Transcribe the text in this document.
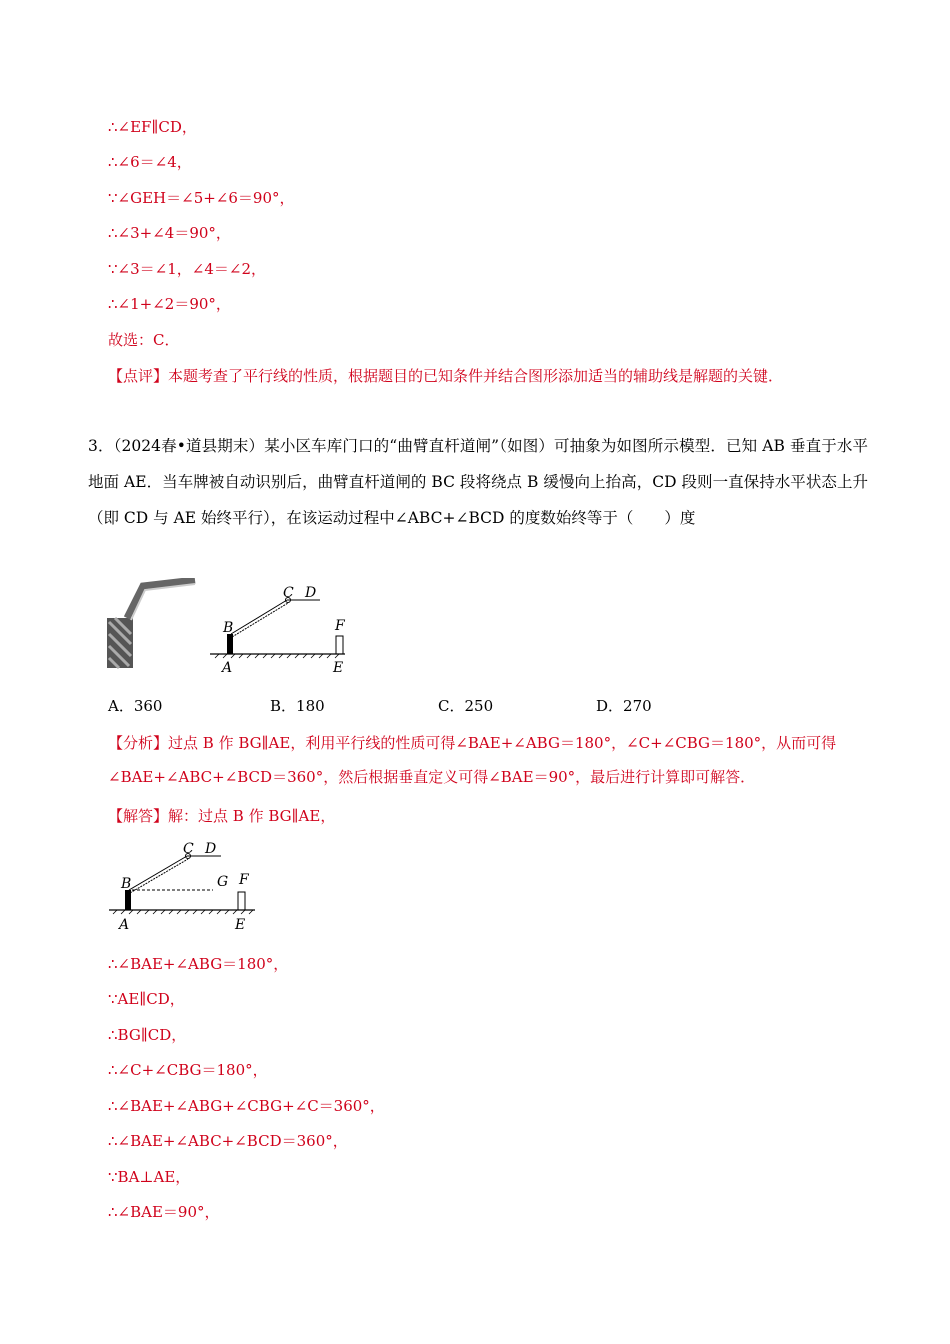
∴∠EF∥CD，
∴∠6＝∠4，
∵∠GEH＝∠5+∠6＝90°，
∴∠3+∠4＝90°，
∵∠3＝∠1，∠4＝∠2，
∴∠1+∠2＝90°，
故选：C．
【点评】本题考查了平行线的性质，根据题目的已知条件并结合图形添加适当的辅助线是解题的关键．
3．（2024春•道县期末）某小区车库门口的“曲臂直杆道闸”（如图）可抽象为如图所示模型．已知 AB 垂直于水平地面 AE．当车牌被自动识别后，曲臂直杆道闸的 BC 段将绕点 B 缓慢向上抬高，CD 段则一直保持水平状态上升（即 CD 与 AE 始终平行），在该运动过程中∠ABC+∠BCD 的度数始终等于（　　）度
C D
B	F
A	E
A．360	B．180	C．250	D．270
【分析】过点 B 作 BG∥AE，利用平行线的性质可得∠BAE+∠ABG＝180°，∠C+∠CBG＝180°，从而可得∠BAE+∠ABC+∠BCD＝360°，然后根据垂直定义可得∠BAE＝90°，最后进行计算即可解答．
【解答】解：过点 B 作 BG∥AE，
C D
B	G F
A	E
∴∠BAE+∠ABG＝180°，
∵AE∥CD，
∴BG∥CD，
∴∠C+∠CBG＝180°，
∴∠BAE+∠ABG+∠CBG+∠C＝360°，
∴∠BAE+∠ABC+∠BCD＝360°，
∵BA⊥AE，
∴∠BAE＝90°，
